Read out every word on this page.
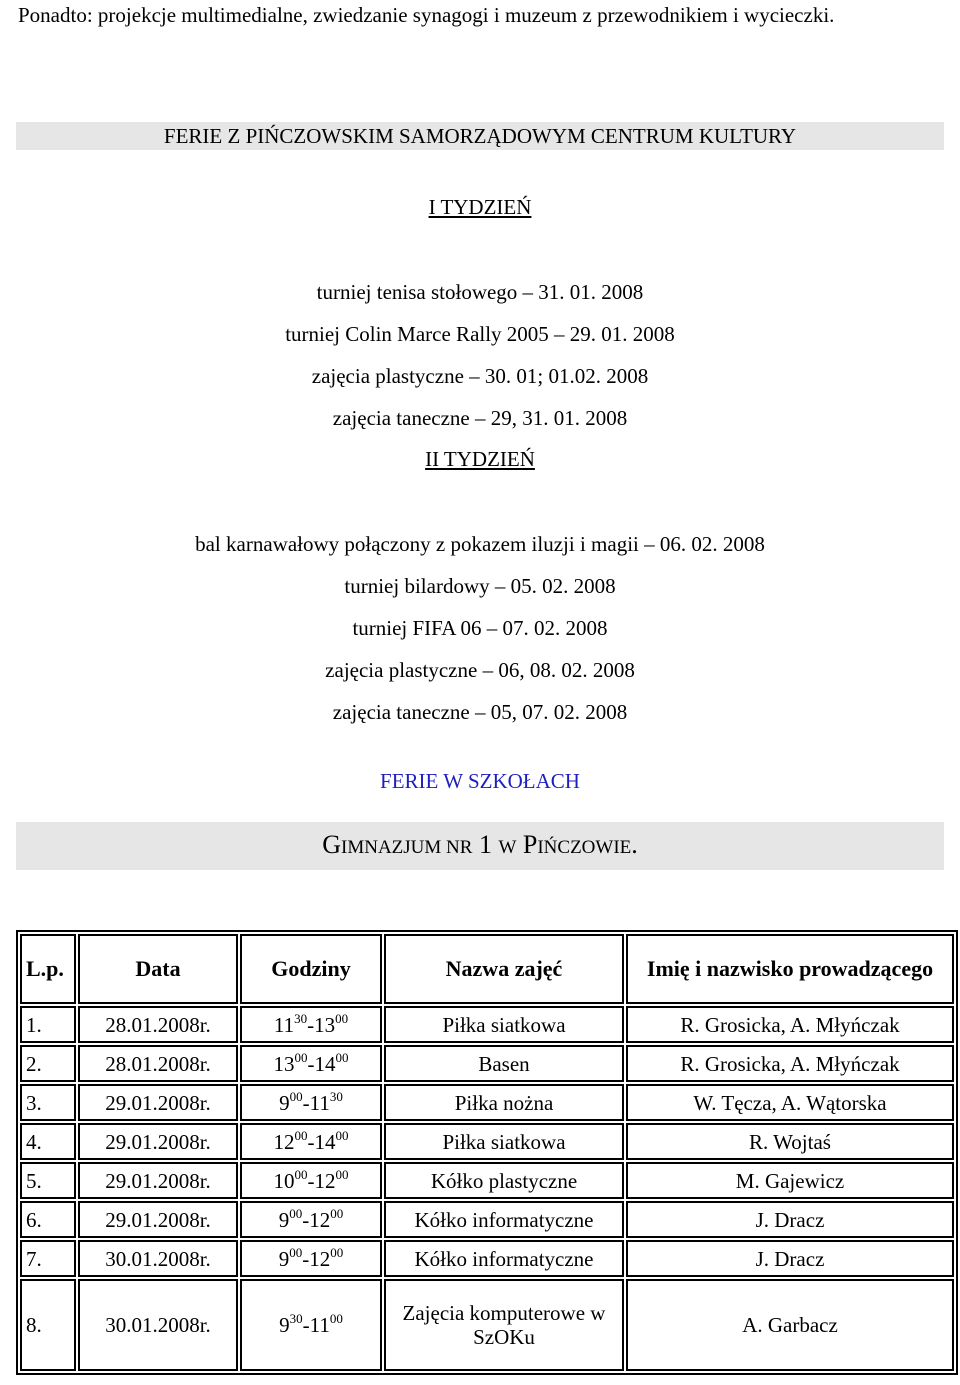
Ponadto: projekcje multimedialne, zwiedzanie synagogi i muzeum z przewodnikiem i wycieczki.
FERIE Z PIŃCZOWSKIM SAMORZĄDOWYM CENTRUM KULTURY
I TYDZIEŃ
turniej tenisa stołowego – 31. 01. 2008
turniej Colin Marce Rally 2005 – 29. 01. 2008
zajęcia plastyczne – 30. 01; 01.02. 2008
zajęcia taneczne – 29, 31. 01. 2008
II TYDZIEŃ
bal karnawałowy połączony z pokazem iluzji i magii – 06. 02. 2008
turniej bilardowy – 05. 02. 2008
turniej FIFA 06 – 07. 02. 2008
zajęcia plastyczne – 06, 08. 02. 2008
zajęcia taneczne – 05, 07. 02. 2008
FERIE W SZKOŁACH
GIMNAZJUM NR 1 W PIŃCZOWIE.
L.p.	Data	Godziny	Nazwa zajęć	Imię i nazwisko prowadzącego
1.	28.01.2008r.	$11^{30}-13^{00}$	Piłka siatkowa	R. Grosicka, A. Młyńczak
2.	28.01.2008r.	$13^{00}-14^{00}$	Basen	R. Grosicka, A. Młyńczak
3.	29.01.2008r.	$9^{00}-11^{30}$	Piłka nożna	W. Tęcza, A. Wątorska
4.	29.01.2008r.	$12^{00}-14^{00}$	Piłka siatkowa	R. Wojtaś
5.	29.01.2008r.	$10^{00}-12^{00}$	Kółko plastyczne	M. Gajewicz
6.	29.01.2008r.	$9^{00}-12^{00}$	Kółko informatyczne	J. Dracz
7.	30.01.2008r.	$9^{00}-12^{00}$	Kółko informatyczne	J. Dracz
8.	30.01.2008r.	$9^{30}-11^{00}$	Zajęcia komputerowe w SzOKu	A. Garbacz
